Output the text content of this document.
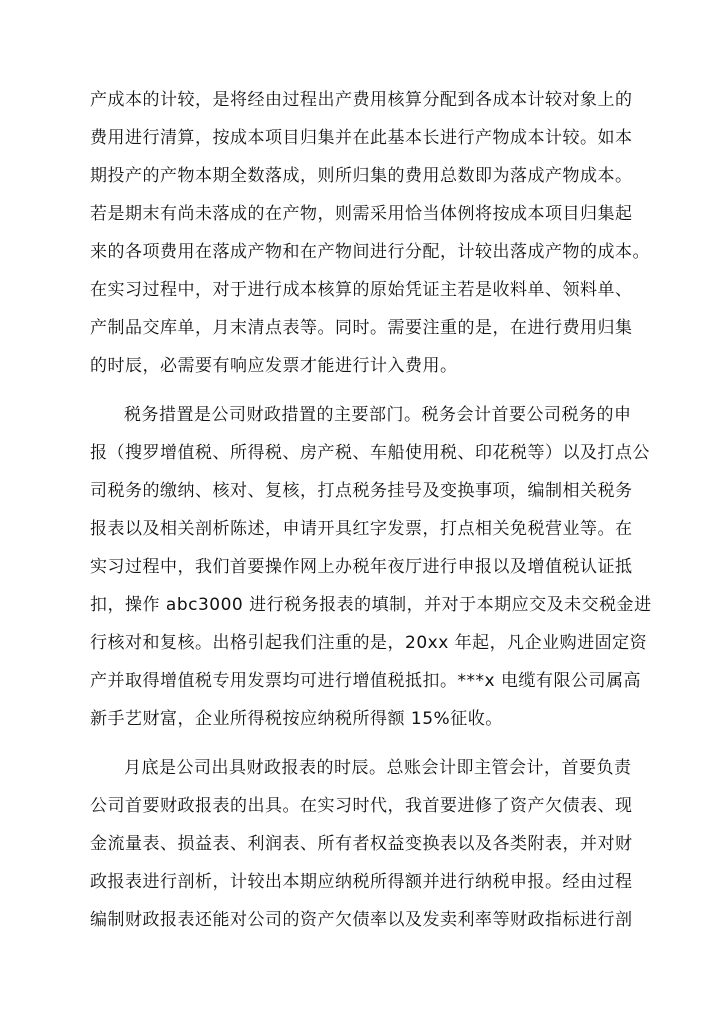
产成本的计较，是将经由过程出产费用核算分配到各成本计较对象上的
费用进行清算，按成本项目归集并在此基本长进行产物成本计较。如本
期投产的产物本期全数落成，则所归集的费用总数即为落成产物成本。
若是期末有尚未落成的在产物，则需采用恰当体例将按成本项目归集起
来的各项费用在落成产物和在产物间进行分配，计较出落成产物的成本。
在实习过程中，对于进行成本核算的原始凭证主若是收料单、领料单、
产制品交库单，月末清点表等。同时。需要注重的是，在进行费用归集
的时辰，必需要有响应发票才能进行计入费用。
税务措置是公司财政措置的主要部门。税务会计首要公司税务的申
报（搜罗增值税、所得税、房产税、车船使用税、印花税等）以及打点公
司税务的缴纳、核对、复核，打点税务挂号及变换事项，编制相关税务
报表以及相关剖析陈述，申请开具红字发票，打点相关免税营业等。在
实习过程中，我们首要操作网上办税年夜厅进行申报以及增值税认证抵
扣，操作 abc3000 进行税务报表的填制，并对于本期应交及未交税金进
行核对和复核。出格引起我们注重的是，20xx 年起，凡企业购进固定资
产并取得增值税专用发票均可进行增值税抵扣。***x 电缆有限公司属高
新手艺财富，企业所得税按应纳税所得额 15%征收。
月底是公司出具财政报表的时辰。总账会计即主管会计，首要负责
公司首要财政报表的出具。在实习时代，我首要进修了资产欠债表、现
金流量表、损益表、利润表、所有者权益变换表以及各类附表，并对财
政报表进行剖析，计较出本期应纳税所得额并进行纳税申报。经由过程
编制财政报表还能对公司的资产欠债率以及发卖利率等财政指标进行剖
